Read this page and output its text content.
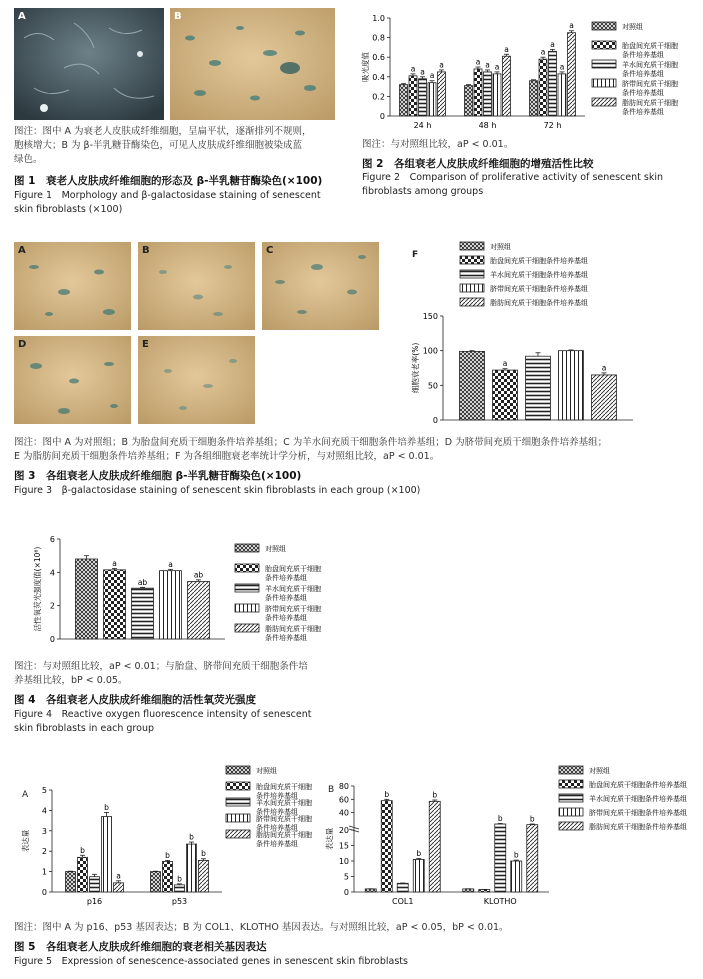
A	B
图注：图中 A 为衰老人皮肤成纤维细胞，呈扁平状，逐渐排列不规则，
胞核增大；B 为 β-半乳糖苷酶染色，可见人皮肤成纤维细胞被染成蓝
绿色。
图 1　衰老人皮肤成纤维细胞的形态及 β-半乳糖苷酶染色(×100)
Figure 1　Morphology and β-galactosidase staining of senescent
skin fibroblasts (×100)
0
0.2
0.4
0.6
0.8
1.0
吸光度值	a a a
a
24 h
a a a
a
48 h
a
a
a
a
72 h
对照组
胎盘间充质干细胞
条件培养基组
羊水间充质干细胞
条件培养基组
脐带间充质干细胞
条件培养基组
脂肪间充质干细胞
条件培养基组
图注：与对照组比较，aP < 0.01。
图 2　各组衰老人皮肤成纤维细胞的增殖活性比较
Figure 2　Comparison of proliferative activity of senescent skin
fibroblasts among groups
A	B	C
D	E
0
50
100
150
细胞衰老率(%)	a	a
对照组
胎盘间充质干细胞条件培养基组
羊水间充质干细胞条件培养基组
脐带间充质干细胞条件培养基组
脂肪间充质干细胞条件培养基组
F
图注：图中 A 为对照组；B 为胎盘间充质干细胞条件培养基组；C 为羊水间充质干细胞条件培养基组；D 为脐带间充质干细胞条件培养基组；
E 为脂肪间充质干细胞条件培养基组；F 为各组细胞衰老率统计学分析，与对照组比较，aP < 0.01。
图 3　各组衰老人皮肤成纤维细胞 β-半乳糖苷酶染色(×100)
Figure 3　β-galactosidase staining of senescent skin fibroblasts in each group (×100)
0
2
4
6
活性氧荧光强度值(×10⁶)	a
ab
a
ab
对照组
胎盘间充质干细胞
条件培养基组
羊水间充质干细胞
条件培养基组
脐带间充质干细胞
条件培养基组
脂肪间充质干细胞
条件培养基组
图注：与对照组比较，aP < 0.01；与胎盘、脐带间充质干细胞条件培
养基组比较，bP < 0.05。
图 4　各组衰老人皮肤成纤维细胞的活性氧荧光强度
Figure 4　Reactive oxygen fluorescence intensity of senescent
skin fibroblasts in each group
0
1
2
3
4
5
表达量	b
b
a
p16
b
b
b
b
p53
对照组
胎盘间充质干细胞
条件培养基组
羊水间充质干细胞
条件培养基组
脐带间充质干细胞
条件培养基组
脂肪间充质干细胞
条件培养基组
A
0
5
10
15
20
40
60
80
表达量
b
b
b
COL1
b
b
b
KLOTHO
对照组
胎盘间充质干细胞条件培养基组
羊水间充质干细胞条件培养基组
脐带间充质干细胞条件培养基组
脂肪间充质干细胞条件培养基组
B
图注：图中 A 为 p16、p53 基因表达；B 为 COL1、KLOTHO 基因表达。与对照组比较，aP < 0.05，bP < 0.01。
图 5　各组衰老人皮肤成纤维细胞的衰老相关基因表达
Figure 5　Expression of senescence-associated genes in senescent skin fibroblasts
